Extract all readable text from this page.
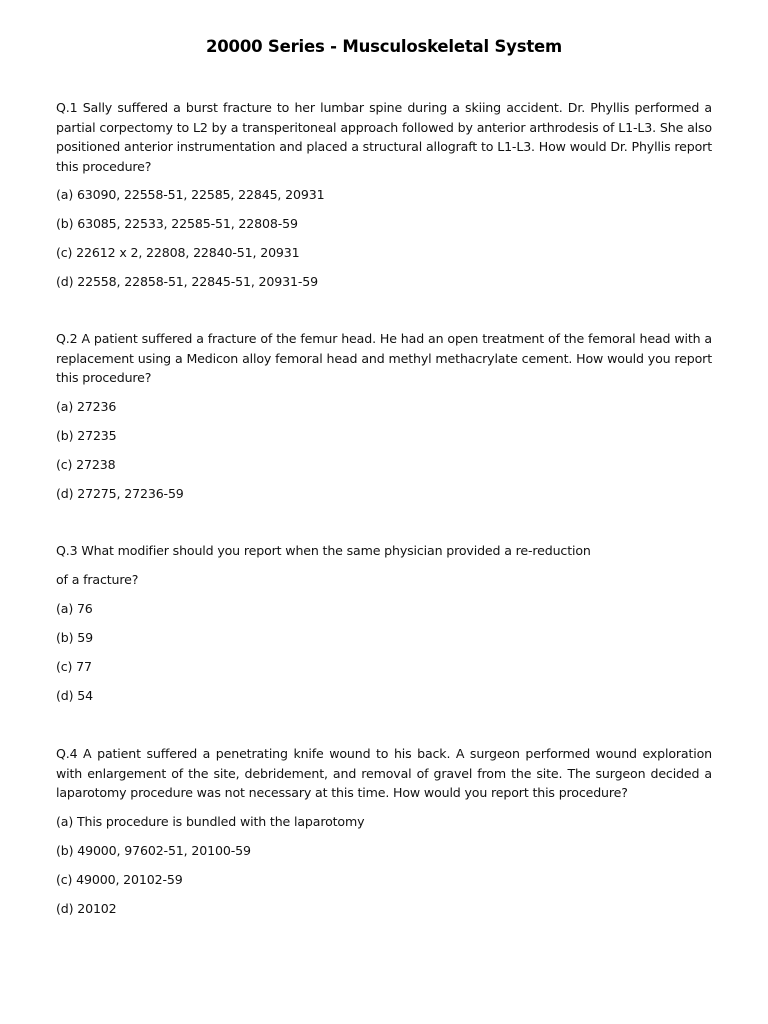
20000 Series - Musculoskeletal System

Q.1 Sally suffered a burst fracture to her lumbar spine during a skiing accident. Dr. Phyllis performed a partial corpectomy to L2 by a transperitoneal approach followed by anterior arthrodesis of L1-L3. She also positioned anterior instrumentation and placed a structural allograft to L1-L3. How would Dr. Phyllis report this procedure?

(a) 63090, 22558-51, 22585, 22845, 20931

(b) 63085, 22533, 22585-51, 22808-59

(c) 22612 x 2, 22808, 22840-51, 20931

(d) 22558, 22858-51, 22845-51, 20931-59

Q.2 A patient suffered a fracture of the femur head. He had an open treatment of the femoral head with a replacement using a Medicon alloy femoral head and methyl methacrylate cement. How would you report this procedure?

(a) 27236

(b) 27235

(c) 27238

(d) 27275, 27236-59

Q.3 What modifier should you report when the same physician provided a re-reduction

of a fracture?

(a) 76

(b) 59

(c) 77

(d) 54

Q.4 A patient suffered a penetrating knife wound to his back. A surgeon performed wound exploration with enlargement of the site, debridement, and removal of gravel from the site. The surgeon decided a laparotomy procedure was not necessary at this time. How would you report this procedure?

(a) This procedure is bundled with the laparotomy

(b) 49000, 97602-51, 20100-59

(c) 49000, 20102-59

(d) 20102
